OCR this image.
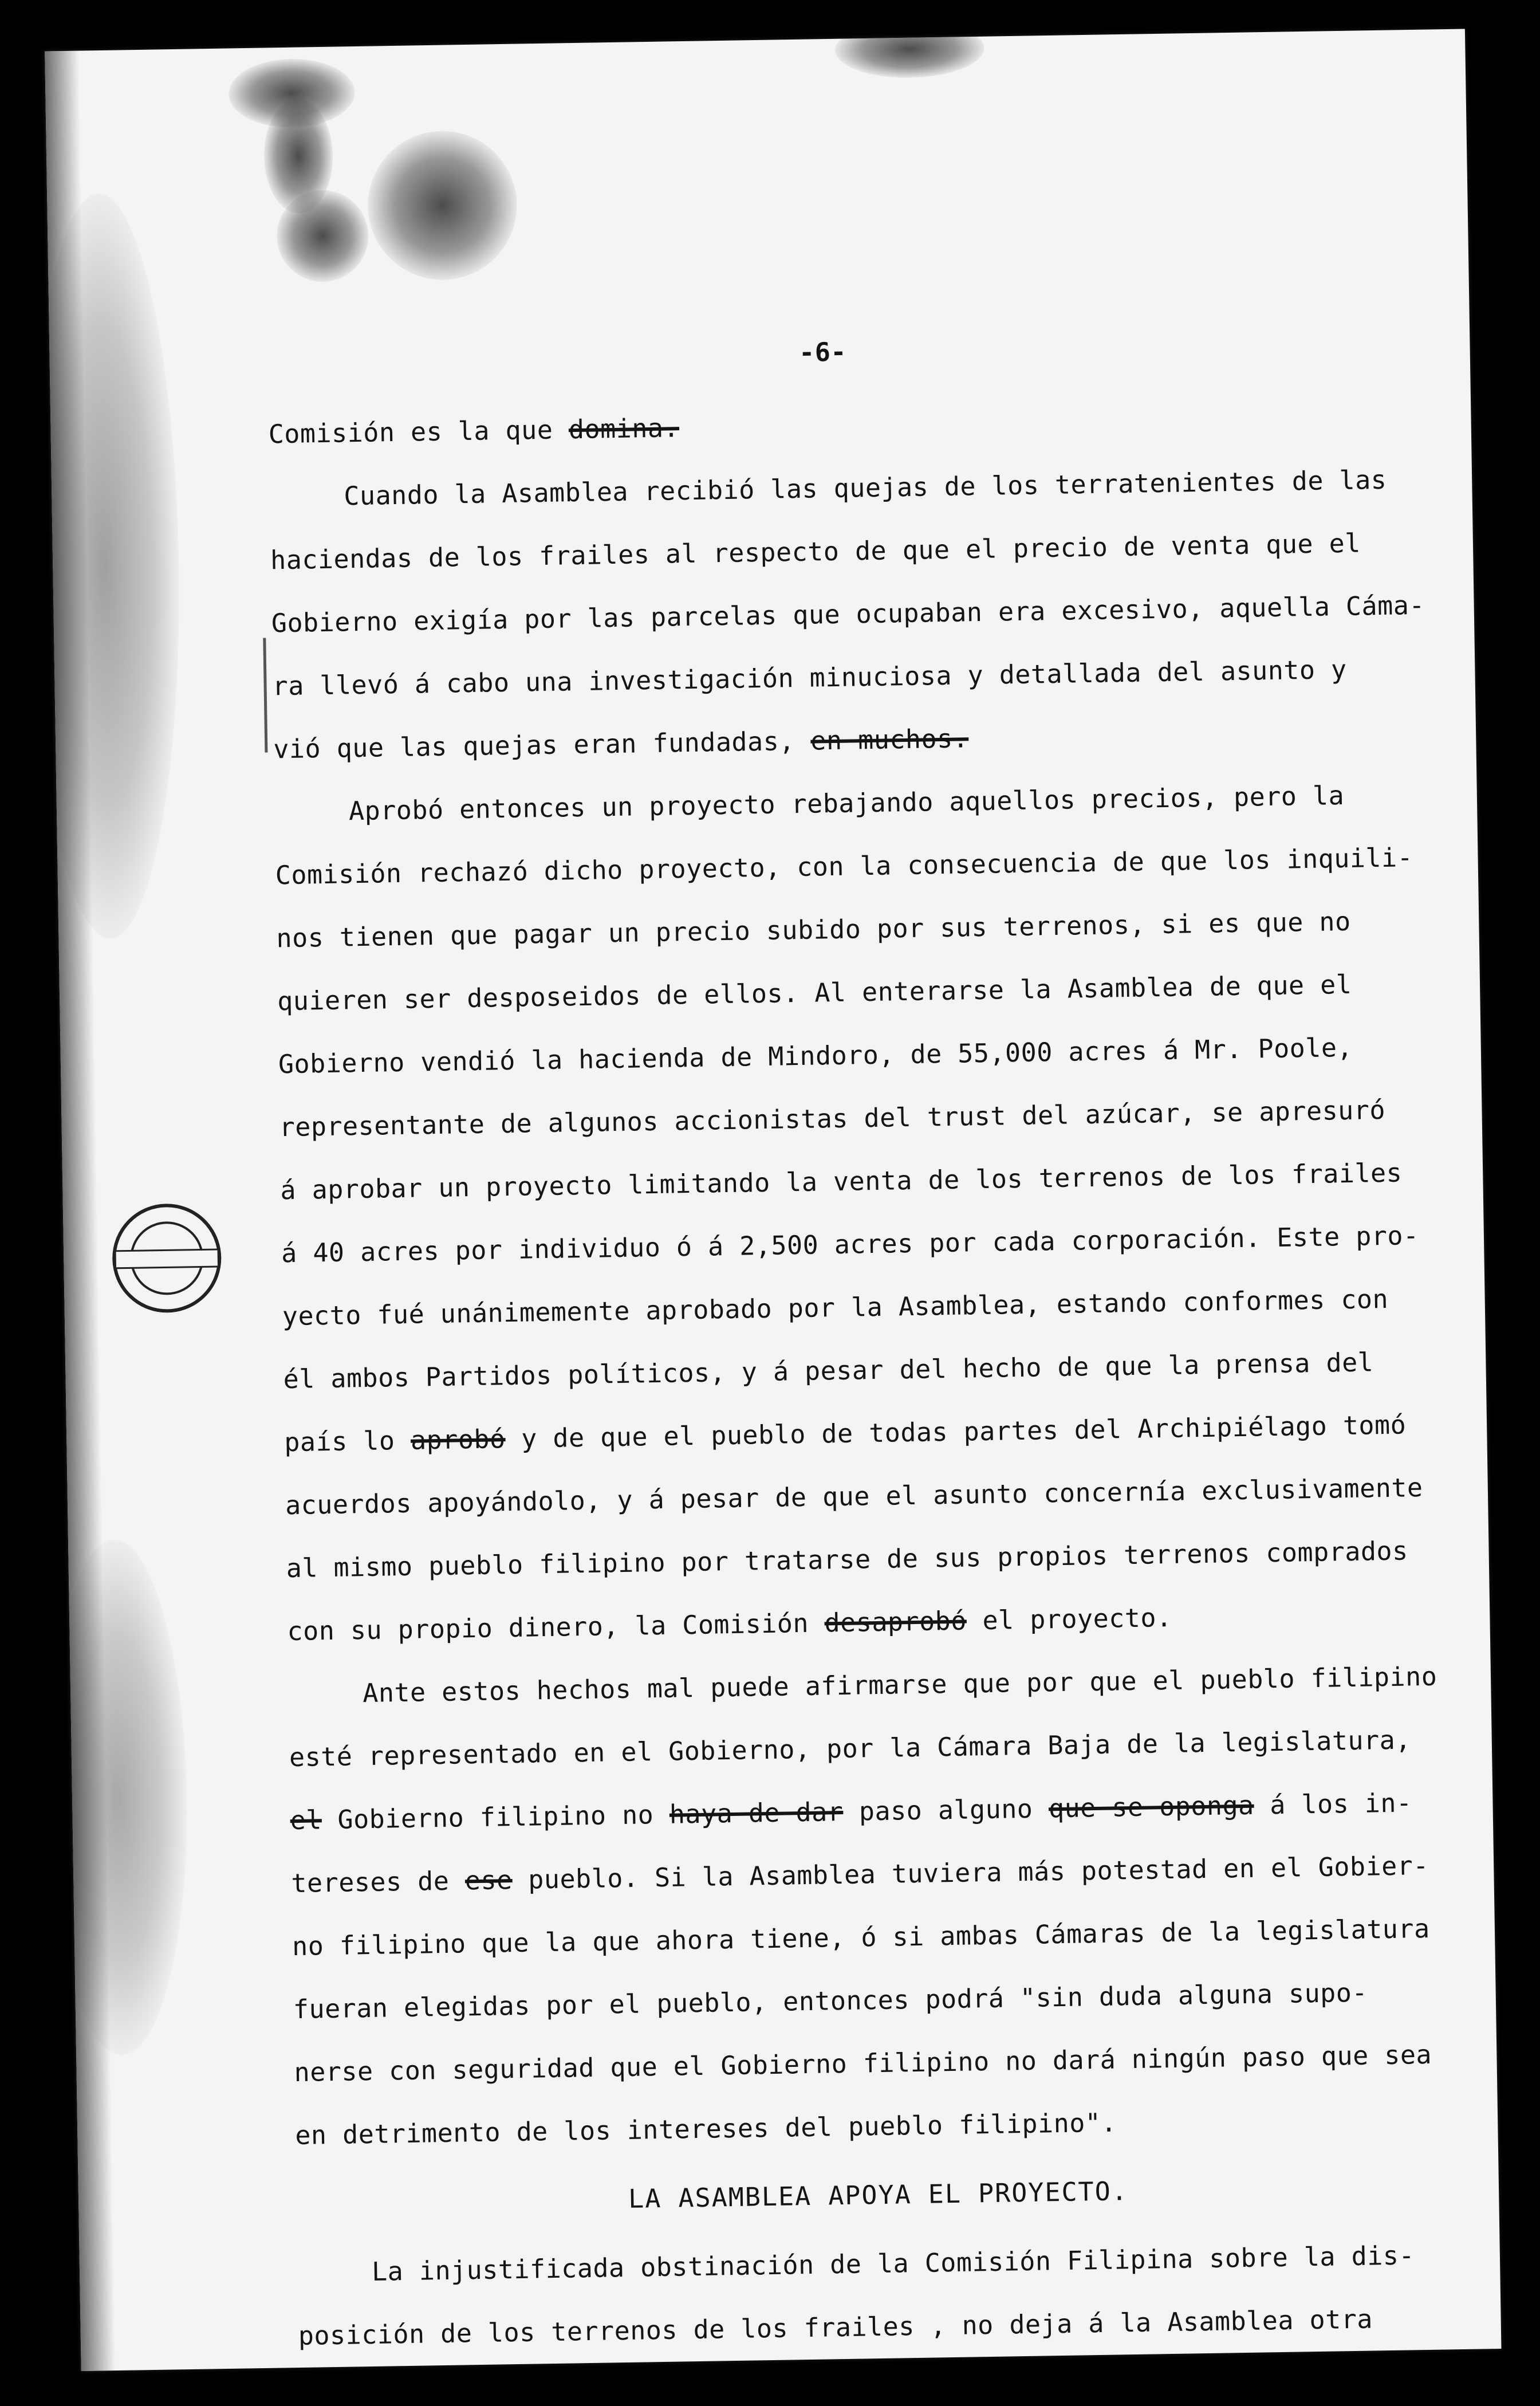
-6-
Comisión es la que domina.
Cuando la Asamblea recibió las quejas de los terratenientes de las
haciendas de los frailes al respecto de que el precio de venta que el
Gobierno exigía por las parcelas que ocupaban era excesivo, aquella Cáma-
ra llevó á cabo una investigación minuciosa y detallada del asunto y
vió que las quejas eran fundadas, en muchos.
Aprobó entonces un proyecto rebajando aquellos precios, pero la
Comisión rechazó dicho proyecto, con la consecuencia de que los inquili-
nos tienen que pagar un precio subido por sus terrenos, si es que no
quieren ser desposeidos de ellos. Al enterarse la Asamblea de que el
Gobierno vendió la hacienda de Mindoro, de 55,000 acres á Mr. Poole,
representante de algunos accionistas del trust del azúcar, se apresuró
á aprobar un proyecto limitando la venta de los terrenos de los frailes
á 40 acres por individuo ó á 2,500 acres por cada corporación. Este pro-
yecto fué unánimemente aprobado por la Asamblea, estando conformes con
él ambos Partidos políticos, y á pesar del hecho de que la prensa del
país lo aprobó y de que el pueblo de todas partes del Archipiélago tomó
acuerdos apoyándolo, y á pesar de que el asunto concernía exclusivamente
al mismo pueblo filipino por tratarse de sus propios terrenos comprados
con su propio dinero, la Comisión desaprobó el proyecto.
Ante estos hechos mal puede afirmarse que por que el pueblo filipino
esté representado en el Gobierno, por la Cámara Baja de la legislatura,
el Gobierno filipino no haya de dar paso alguno que se oponga á los in-
tereses de ese pueblo. Si la Asamblea tuviera más potestad en el Gobier-
no filipino que la que ahora tiene, ó si ambas Cámaras de la legislatura
fueran elegidas por el pueblo, entonces podrá "sin duda alguna supo-
nerse con seguridad que el Gobierno filipino no dará ningún paso que sea
en detrimento de los intereses del pueblo filipino".
LA ASAMBLEA APOYA EL PROYECTO.
La injustificada obstinación de la Comisión Filipina sobre la dis-
posición de los terrenos de los frailes , no deja á la Asamblea otra
